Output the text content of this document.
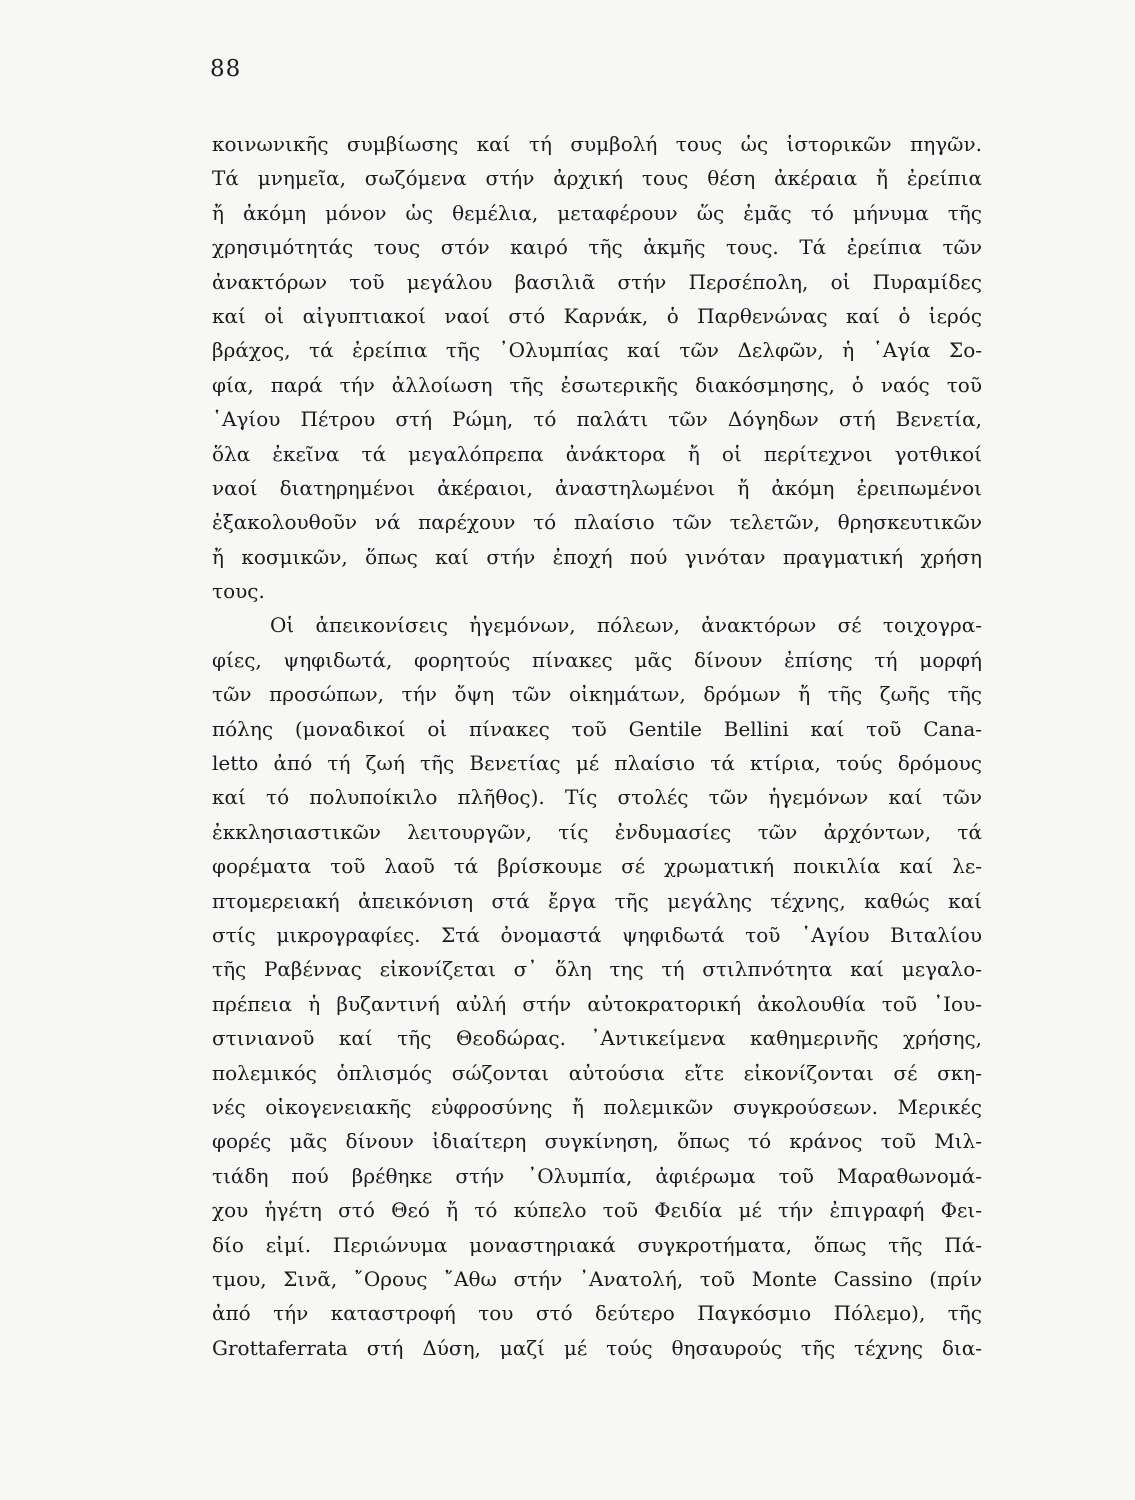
88
κοινωνικῆς συμβίωσης καί τή συμβολή τους ὡς ἱστορικῶν πηγῶν.
Τά μνημεῖα, σωζόμενα στήν ἀρχική τους θέση ἀκέραια ἤ ἐρείπια
ἤ ἀκόμη μόνον ὡς θεμέλια, μεταφέρουν ὥς ἐμᾶς τό μήνυμα τῆς
χρησιμότητάς τους στόν καιρό τῆς ἀκμῆς τους. Τά ἐρείπια τῶν
ἀνακτόρων τοῦ μεγάλου βασιλιᾶ στήν Περσέπολη, οἱ Πυραμίδες
καί οἱ αἰγυπτιακοί ναοί στό Καρνάκ, ὁ Παρθενώνας καί ὁ ἱερός
βράχος, τά ἐρείπια τῆς ᾿Ολυμπίας καί τῶν Δελφῶν, ἡ ῾Αγία Σο-
φία, παρά τήν ἀλλοίωση τῆς ἐσωτερικῆς διακόσμησης, ὁ ναός τοῦ
῾Αγίου Πέτρου στή Ρώμη, τό παλάτι τῶν Δόγηδων στή Βενετία,
ὅλα ἐκεῖνα τά μεγαλόπρεπα ἀνάκτορα ἤ οἱ περίτεχνοι γοτθικοί
ναοί διατηρημένοι ἀκέραιοι, ἀναστηλωμένοι ἤ ἀκόμη ἐρειπωμένοι
ἐξακολουθοῦν νά παρέχουν τό πλαίσιο τῶν τελετῶν, θρησκευτικῶν
ἤ κοσμικῶν, ὅπως καί στήν ἐποχή πού γινόταν πραγματική χρήση
τους.
Οἱ ἀπεικονίσεις ἡγεμόνων, πόλεων, ἀνακτόρων σέ τοιχογρα-
φίες, ψηφιδωτά, φορητούς πίνακες μᾶς δίνουν ἐπίσης τή μορφή
τῶν προσώπων, τήν ὄψη τῶν οἰκημάτων, δρόμων ἤ τῆς ζωῆς τῆς
πόλης (μοναδικοί οἱ πίνακες τοῦ Gentile Bellini καί τοῦ Cana-
letto ἀπό τή ζωή τῆς Βενετίας μέ πλαίσιο τά κτίρια, τούς δρόμους
καί τό πολυποίκιλο πλῆθος). Τίς στολές τῶν ἡγεμόνων καί τῶν
ἐκκλησιαστικῶν λειτουργῶν, τίς ἐνδυμασίες τῶν ἀρχόντων, τά
φορέματα τοῦ λαοῦ τά βρίσκουμε σέ χρωματική ποικιλία καί λε-
πτομερειακή ἀπεικόνιση στά ἔργα τῆς μεγάλης τέχνης, καθώς καί
στίς μικρογραφίες. Στά ὀνομαστά ψηφιδωτά τοῦ ῾Αγίου Βιταλίου
τῆς Ραβέννας εἰκονίζεται σ᾿ ὅλη της τή στιλπνότητα καί μεγαλο-
πρέπεια ἡ βυζαντινή αὐλή στήν αὐτοκρατορική ἀκολουθία τοῦ ᾿Ιου-
στινιανοῦ καί τῆς Θεοδώρας. ᾿Αντικείμενα καθημερινῆς χρήσης,
πολεμικός ὁπλισμός σώζονται αὐτούσια εἴτε εἰκονίζονται σέ σκη-
νές οἰκογενειακῆς εὐφροσύνης ἤ πολεμικῶν συγκρούσεων. Μερικές
φορές μᾶς δίνουν ἰδιαίτερη συγκίνηση, ὅπως τό κράνος τοῦ Μιλ-
τιάδη πού βρέθηκε στήν ᾿Ολυμπία, ἀφιέρωμα τοῦ Μαραθωνομά-
χου ἡγέτη στό Θεό ἤ τό κύπελο τοῦ Φειδία μέ τήν ἐπιγραφή Φει-
δίο εἰμί. Περιώνυμα μοναστηριακά συγκροτήματα, ὅπως τῆς Πά-
τμου, Σινᾶ, ῎Ορους ῎Αθω στήν ᾿Ανατολή, τοῦ Monte Cassino (πρίν
ἀπό τήν καταστροφή του στό δεύτερο Παγκόσμιο Πόλεμο), τῆς
Grottaferrata στή Δύση, μαζί μέ τούς θησαυρούς τῆς τέχνης δια-
